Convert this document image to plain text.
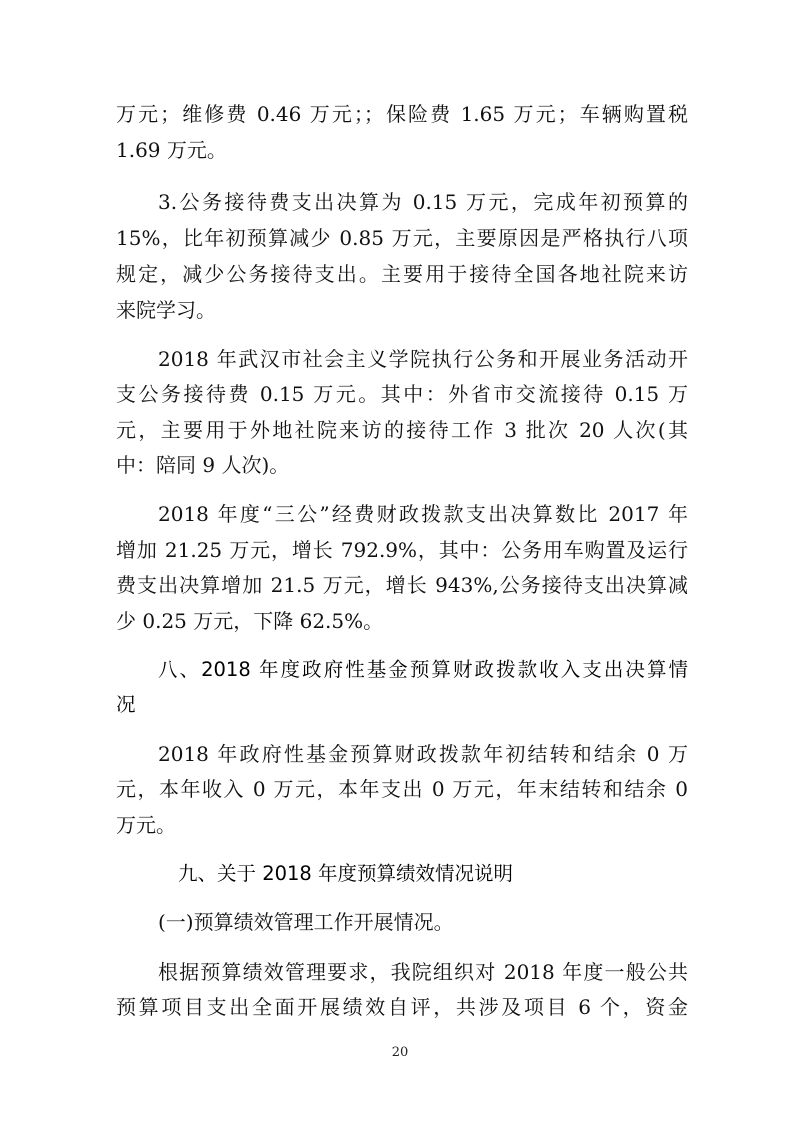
万元；维修费 0.46 万元；；保险费 1.65 万元；车辆购置税

1.69 万元。

3.公务接待费支出决算为 0.15 万元，完成年初预算的

15%，比年初预算减少 0.85 万元，主要原因是严格执行八项

规定，减少公务接待支出。主要用于接待全国各地社院来访

来院学习。

2018 年武汉市社会主义学院执行公务和开展业务活动开

支公务接待费 0.15 万元。其中：外省市交流接待 0.15 万

元，主要用于外地社院来访的接待工作 3 批次 20 人次(其

中：陪同 9 人次)。

2018 年度“三公”经费财政拨款支出决算数比 2017 年

增加 21.25 万元，增长 792.9%，其中：公务用车购置及运行

费支出决算增加 21.5 万元，增长 943%,公务接待支出决算减

少 0.25 万元，下降 62.5%。

八、2018 年度政府性基金预算财政拨款收入支出决算情

况

2018 年政府性基金预算财政拨款年初结转和结余 0 万

元，本年收入 0 万元，本年支出 0 万元，年末结转和结余 0

万元。

九、关于 2018 年度预算绩效情况说明

(一)预算绩效管理工作开展情况。

根据预算绩效管理要求，我院组织对 2018 年度一般公共

预算项目支出全面开展绩效自评，共涉及项目 6 个，资金

20
